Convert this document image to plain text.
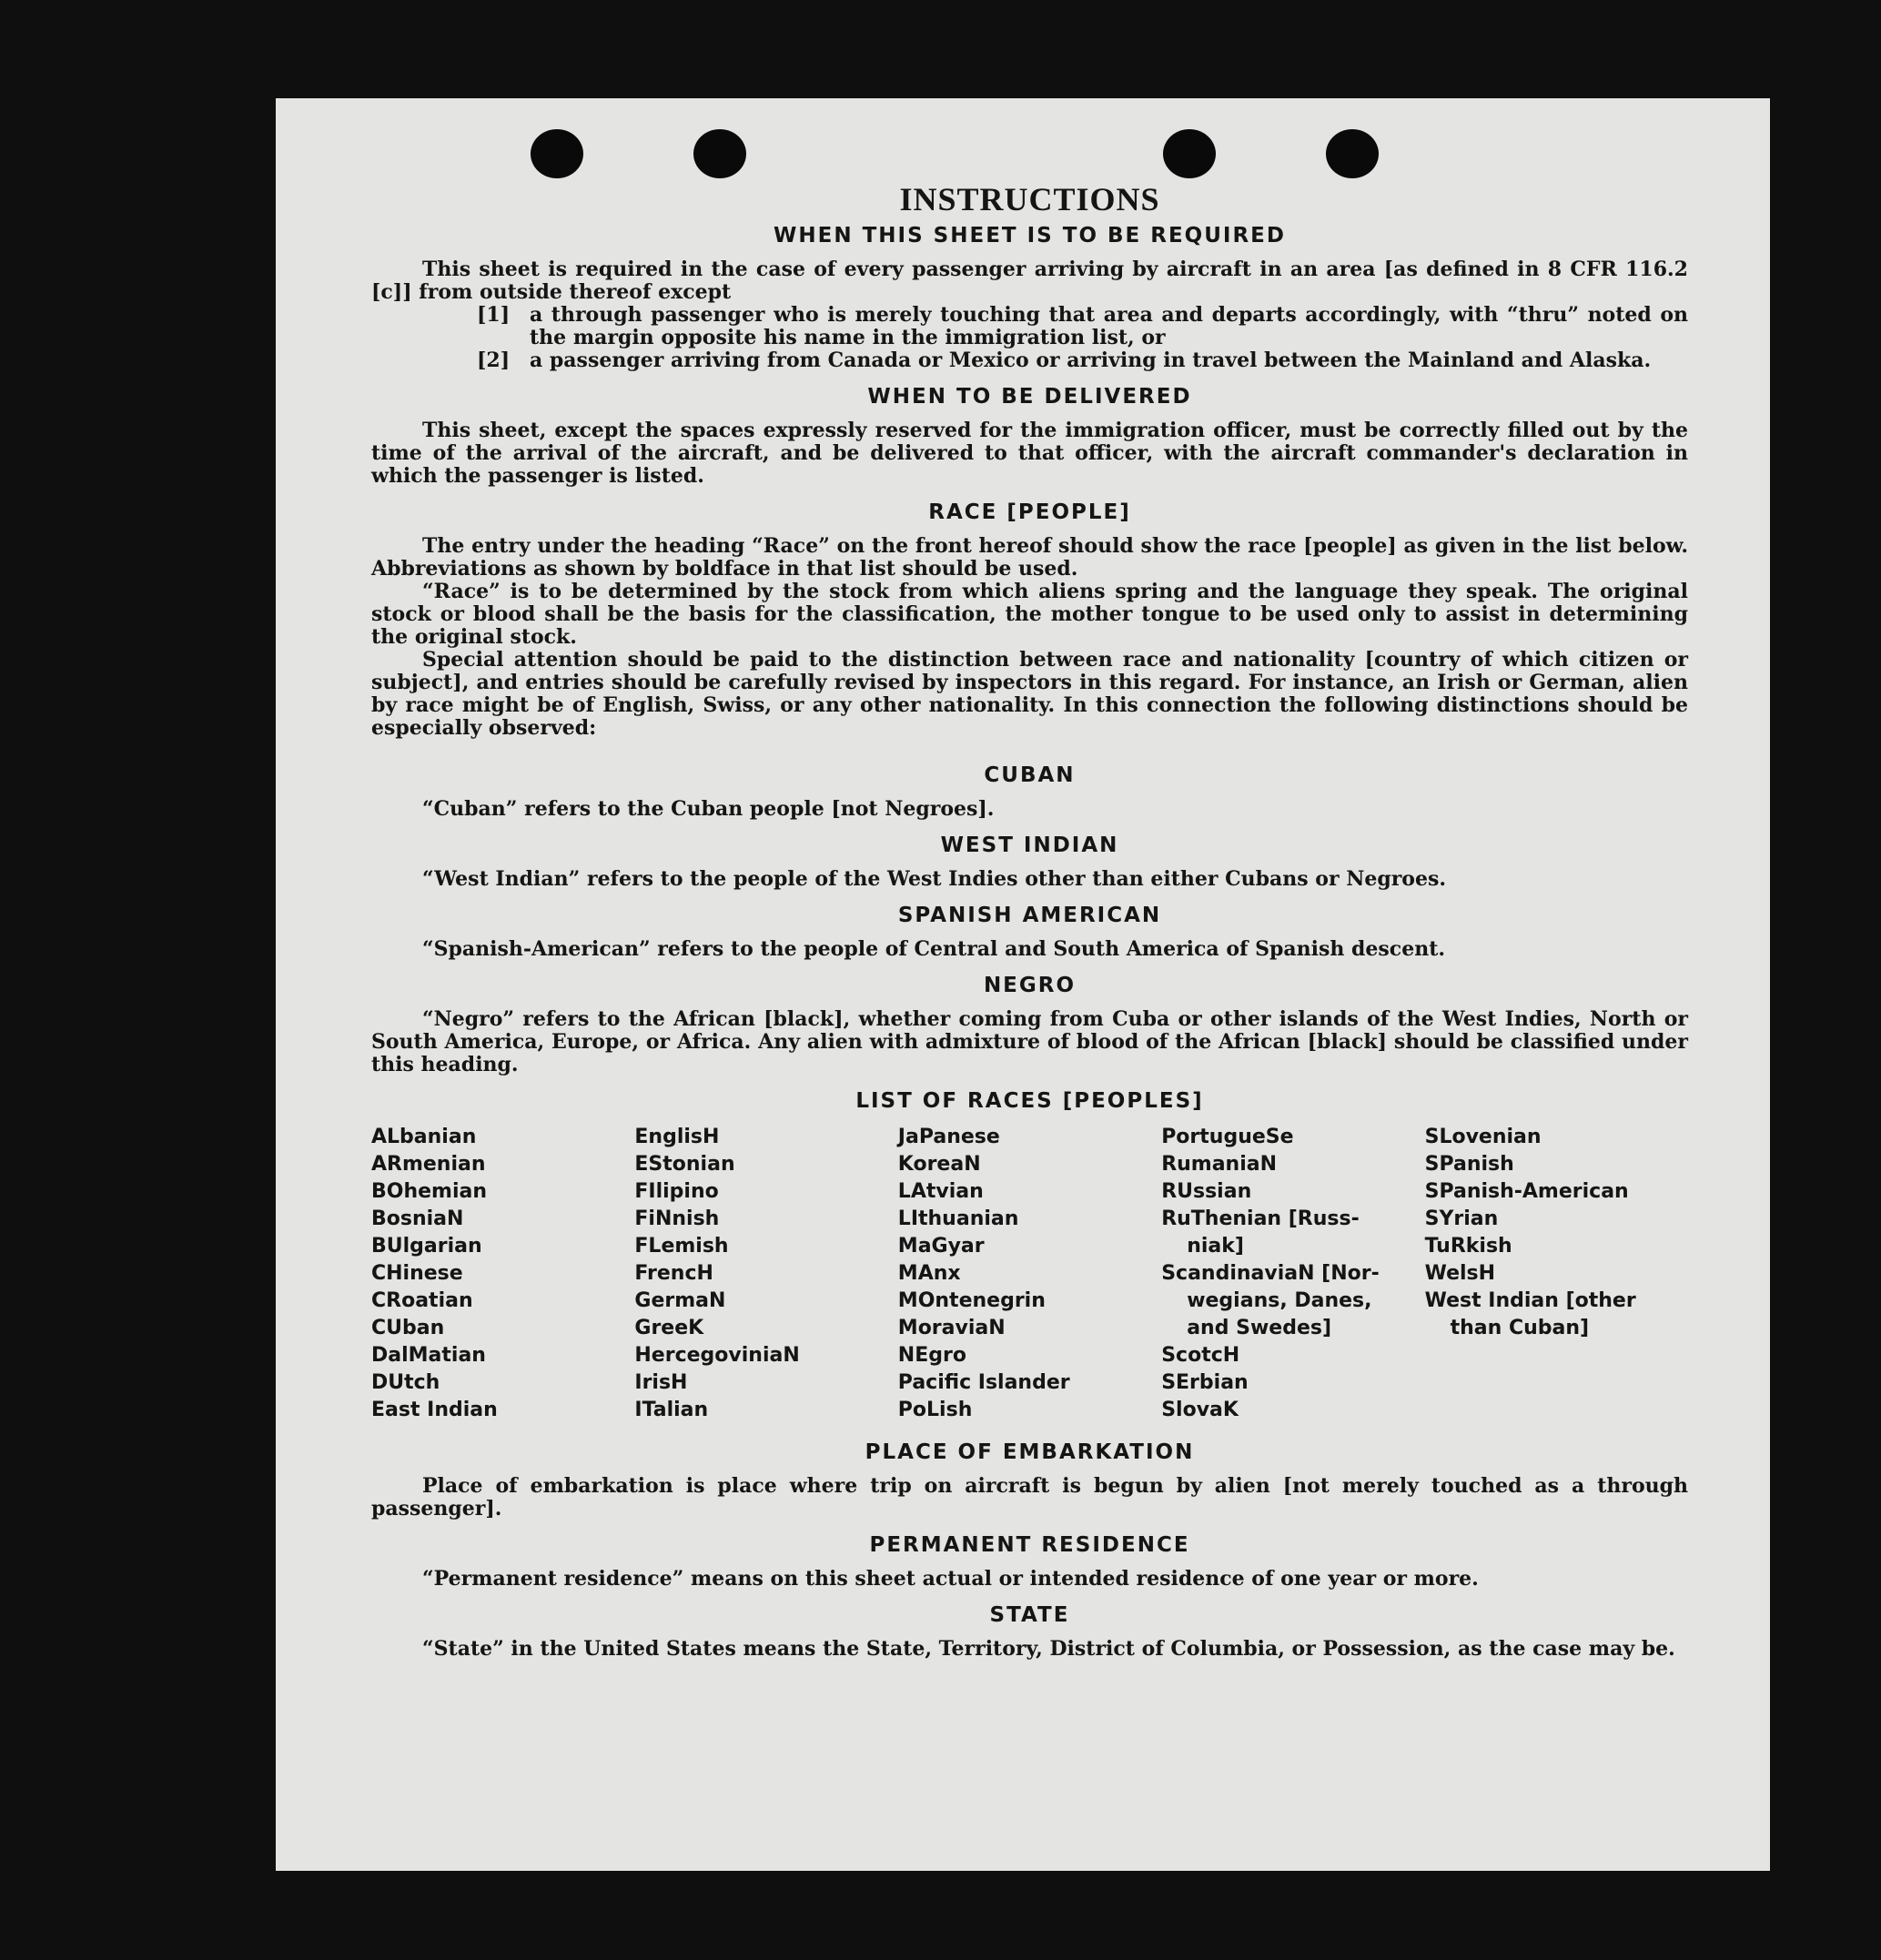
INSTRUCTIONS
WHEN THIS SHEET IS TO BE REQUIRED

This sheet is required in the case of every passenger arriving by aircraft in an area [as defined in 8 CFR 116.2 [c]] from outside thereof except

[1] a through passenger who is merely touching that area and departs accordingly, with “thru” noted on the margin opposite his name in the immigration list, or

[2] a passenger arriving from Canada or Mexico or arriving in travel between the Mainland and Alaska.

WHEN TO BE DELIVERED

This sheet, except the spaces expressly reserved for the immigration officer, must be correctly filled out by the time of the arrival of the aircraft, and be delivered to that officer, with the aircraft commander's declaration in which the passenger is listed.

RACE [PEOPLE]

The entry under the heading “Race” on the front hereof should show the race [people] as given in the list below. Abbreviations as shown by boldface in that list should be used.

“Race” is to be determined by the stock from which aliens spring and the language they speak. The original stock or blood shall be the basis for the classification, the mother tongue to be used only to assist in determining the original stock.

Special attention should be paid to the distinction between race and nationality [country of which citizen or subject], and entries should be carefully revised by inspectors in this regard. For instance, an Irish or German, alien by race might be of English, Swiss, or any other nationality. In this connection the following distinctions should be especially observed:

CUBAN

“Cuban” refers to the Cuban people [not Negroes].

WEST INDIAN

“West Indian” refers to the people of the West Indies other than either Cubans or Negroes.

SPANISH AMERICAN

“Spanish-American” refers to the people of Central and South America of Spanish descent.

NEGRO

“Negro” refers to the African [black], whether coming from Cuba or other islands of the West Indies, North or South America, Europe, or Africa. Any alien with admixture of blood of the African [black] should be classified under this heading.

LIST OF RACES [PEOPLES]
ALbanian
ARmenian
BOhemian
BosniaN
BUlgarian
CHinese
CRoatian
CUban
DalMatian
DUtch
East Indian
EnglisH
EStonian
FIlipino
FiNnish
FLemish
FrencH
GermaN
GreeK
HercegoviniaN
IrisH
ITalian
JaPanese
KoreaN
LAtvian
LIthuanian
MaGyar
MAnx
MOntenegrin
MoraviaN
NEgro
Pacific Islander
PoLish
PortugueSe
RumaniaN
RUssian
RuThenian [Russ-
niak]
ScandinaviaN [Nor-
wegians, Danes,
and Swedes]
ScotcH
SErbian
SlovaK
SLovenian
SPanish
SPanish-American
SYrian
TuRkish
WelsH
West Indian [other
than Cuban]
PLACE OF EMBARKATION

Place of embarkation is place where trip on aircraft is begun by alien [not merely touched as a through passenger].

PERMANENT RESIDENCE

“Permanent residence” means on this sheet actual or intended residence of one year or more.

STATE

“State” in the United States means the State, Territory, District of Columbia, or Possession, as the case may be.
